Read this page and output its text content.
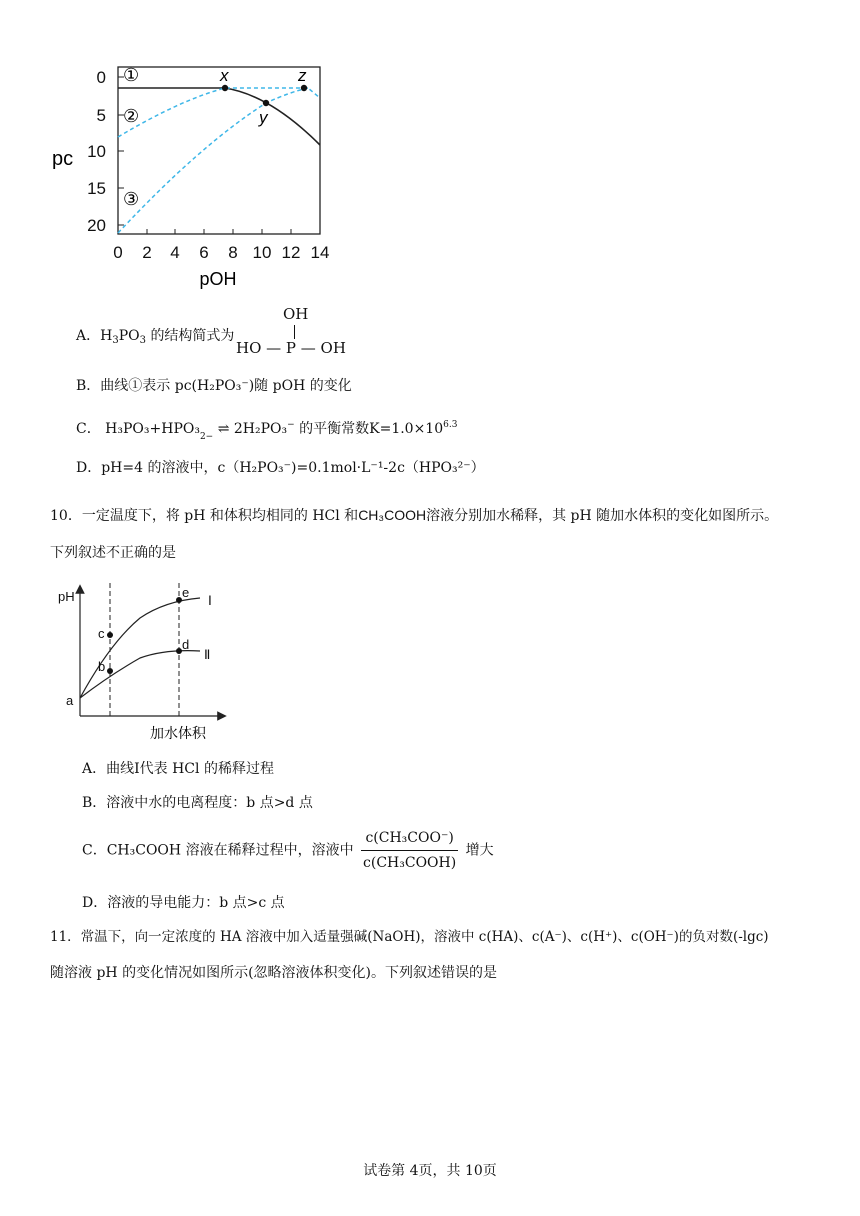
0
5
10
15
20
0 2 4 6 8 10 12 14
pOH
pc
x
y
z
①
②
③
A．$H_3PO_3$ 的结构简式为
OH
HO — P — OH
B．曲线①表示 pc(H₂PO₃⁻)随 pOH 的变化
C． H₃PO₃+HPO₃2− ⇌ 2H₂PO₃− 的平衡常数$K=1.0\times 10^{6.3}$
D．pH=4 的溶液中，c（H₂PO₃⁻)=0.1mol·L⁻¹-2c（HPO₃²⁻）
10．一定温度下，将 pH 和体积均相同的 HCl 和CH₃COOH溶液分别加水稀释，其 pH 随加水体积的变化如图所示。
下列叙述不正确的是
pH
a
b
c
d
e
Ⅰ
Ⅱ
加水体积
A．曲线Ⅰ代表 HCl 的稀释过程
B．溶液中水的电离程度：b 点>d 点
C．CH₃COOH 溶液在稀释过程中，溶液中 $\frac{\text{c(CH₃COO⁻)}}{\text{c(CH₃COOH)}}$ 增大
D．溶液的导电能力：b 点>c 点
11．常温下，向一定浓度的 HA 溶液中加入适量强碱(NaOH)，溶液中 c(HA)、c(A⁻)、c(H⁺)、c(OH⁻)的负对数(-lgc)
随溶液 pH 的变化情况如图所示(忽略溶液体积变化)。下列叙述错误的是
试卷第 4页，共 10页
